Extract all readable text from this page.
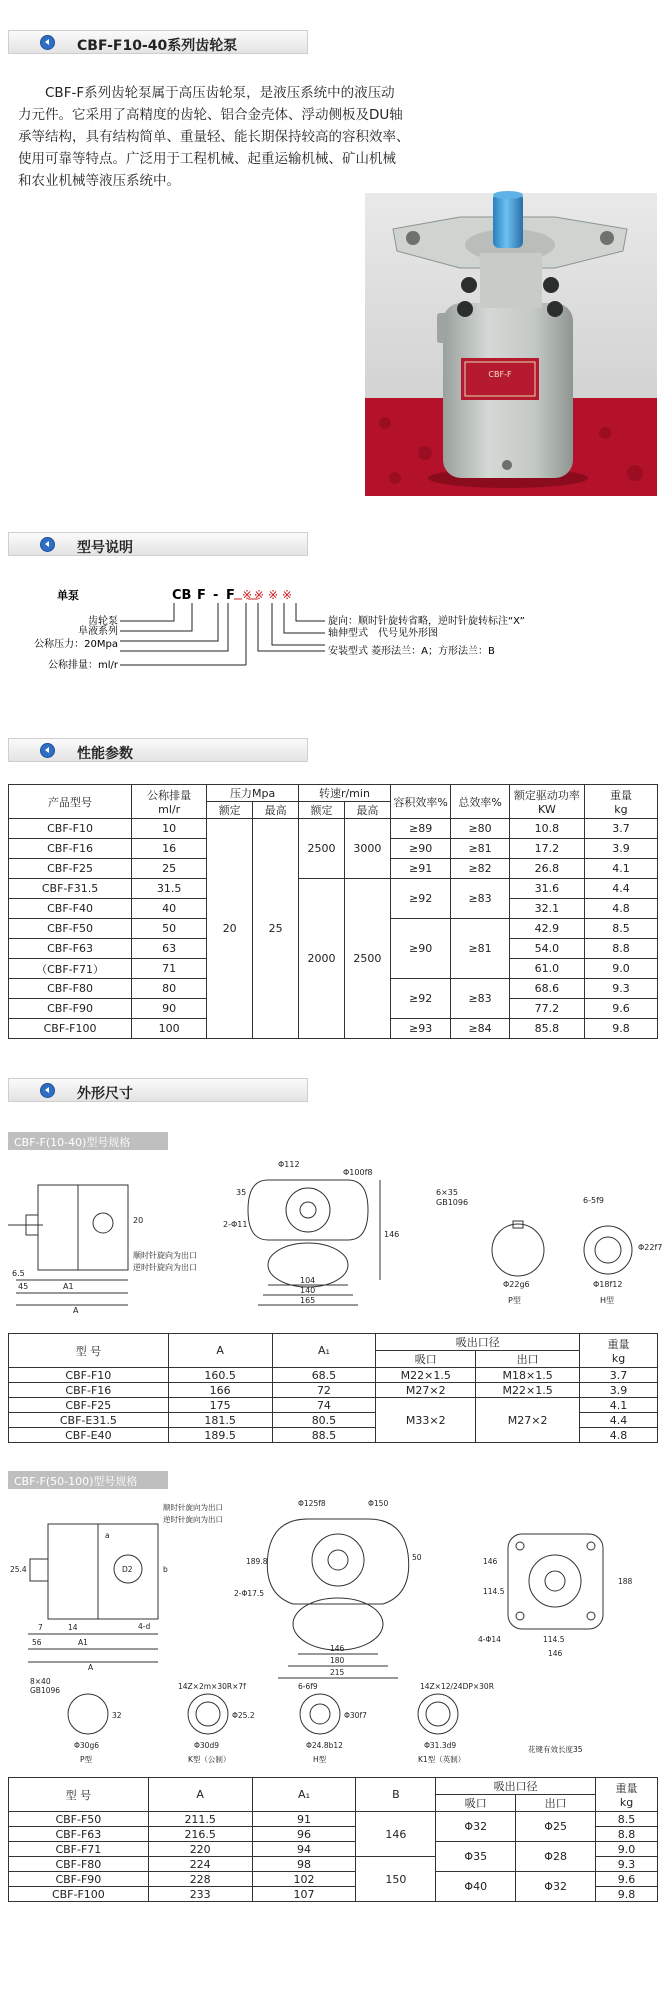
CBF-F10-40系列齿轮泵
　　CBF-F系列齿轮泵属于高压齿轮泵，是液压系统中的液压动
力元件。它采用了高精度的齿轮、铝合金壳体、浮动侧板及DU轴
承等结构，具有结构简单、重量轻、能长期保持较高的容积效率、
使用可靠等特点。广泛用于工程机械、起重运输机械、矿山机械
和农业机械等液压系统中。
CBF-F
型号说明
单泵	CB F - F ※ ※ ※ ※
齿轮泵
阜液系列
公称压力：20Mpa
公称排量：ml/r
旋向：顺时针旋转省略，逆时针旋转标注“X”
轴伸型式　代号见外形图
安装型式 菱形法兰：A；方形法兰：B
性能参数
产品型号	公称排量
ml/r	压力Mpa		转速r/min		容积效率%	总效率%	额定驱动功率
KW	重量
kg
		额定	最高	额定	最高				
CBF-F10	10	20	25	2500	3000	≥89	≥80	10.8	3.7
CBF-F16	16					≥90	≥81	17.2	3.9
CBF-F25	25					≥91	≥82	26.8	4.1
CBF-F31.5	31.5			2000	2500	≥92	≥83	31.6	4.4
CBF-F40	40							32.1	4.8
CBF-F50	50					≥90	≥81	42.9	8.5
CBF-F63	63							54.0	8.8
（CBF-F71）	71							61.0	9.0
CBF-F80	80					≥92	≥83	68.6	9.3
CBF-F90	90							77.2	9.6
CBF-F100	100					≥93	≥84	85.8	9.8
外形尺寸
CBF-F(10-40)型号规格
顺时针旋向为出口
逆时针旋向为出口
6.5
45	A1
A
20
35
2-Φ11
Φ112
Φ100f8
146
104
140
165
6×35
GB1096	6-5f9
Φ22f7
Φ22g6	Φ18f12
P型	H型
型 号	A	A₁	吸出口径		重量
kg
			吸口	出口	
CBF-F10	160.5	68.5	M22×1.5	M18×1.5	3.7
CBF-F16	166	72	M27×2	M22×1.5	3.9
CBF-F25	175	74	M33×2	M27×2	4.1
CBF-E31.5	181.5	80.5			4.4
CBF-E40	189.5	88.5			4.8
CBF-F(50-100)型号规格
顺时针旋向为出口
逆时针旋向为出口
25.4
7
56	A1
A
14	4-d
D2
a
b
Φ125f8	Φ150
189.8
2-Φ17.5
50
146
180
215
146
114.5
188
4-Φ14	114.5
146
8×40
GB1096	14Z×2m×30R×7f	6-6f9	14Z×12/24DP×30R
Φ30g6	Φ30d9	Φ24.8b12	Φ31.3d9
P型	K型（公制）	H型	K1型（英制）
花键有效长度35
Φ25.2
32	Φ30f7
型 号	A	A₁	B	吸出口径		重量
kg
				吸口	出口	
CBF-F50	211.5	91	146	Φ32	Φ25	8.5
CBF-F63	216.5	96				8.8
CBF-F71	220	94		Φ35	Φ28	9.0
CBF-F80	224	98	150			9.3
CBF-F90	228	102		Φ40	Φ32	9.6
CBF-F100	233	107				9.8
